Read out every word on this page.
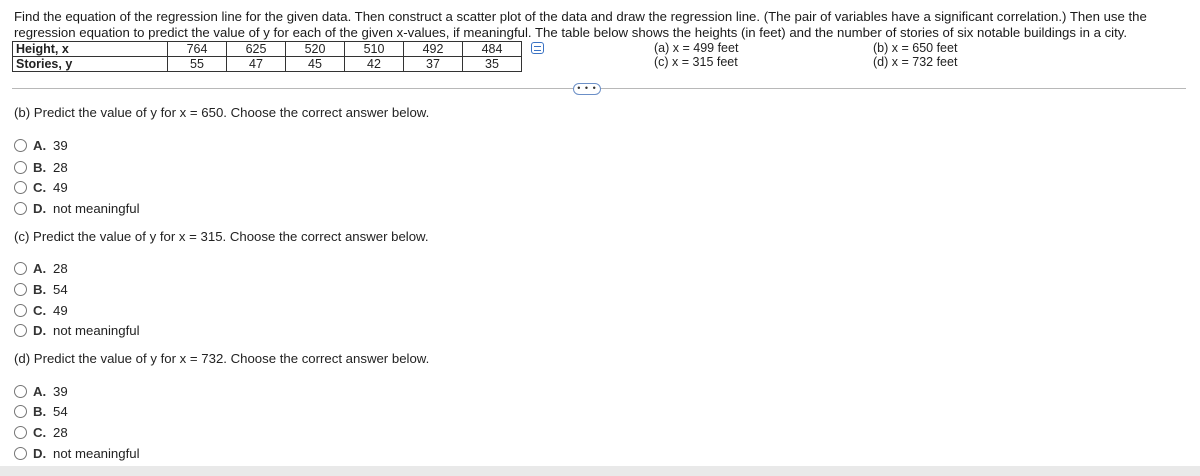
Find the equation of the regression line for the given data. Then construct a scatter plot of the data and draw the regression line. (The pair of variables have a significant correlation.) Then use the regression equation to predict the value of y for each of the given x-values, if meaningful. The table below shows the heights (in feet) and the number of stories of six notable buildings in a city.
Height, x	764	625	520	510	492	484
Stories, y	55	47	45	42	37	35
(a) x = 499 feet
(c) x = 315 feet
(b) x = 650 feet
(d) x = 732 feet
• • •
(b) Predict the value of y for x = 650. Choose the correct answer below.
A. 39
B. 28
C. 49
D. not meaningful
(c) Predict the value of y for x = 315. Choose the correct answer below.
A. 28
B. 54
C. 49
D. not meaningful
(d) Predict the value of y for x = 732. Choose the correct answer below.
A. 39
B. 54
C. 28
D. not meaningful
